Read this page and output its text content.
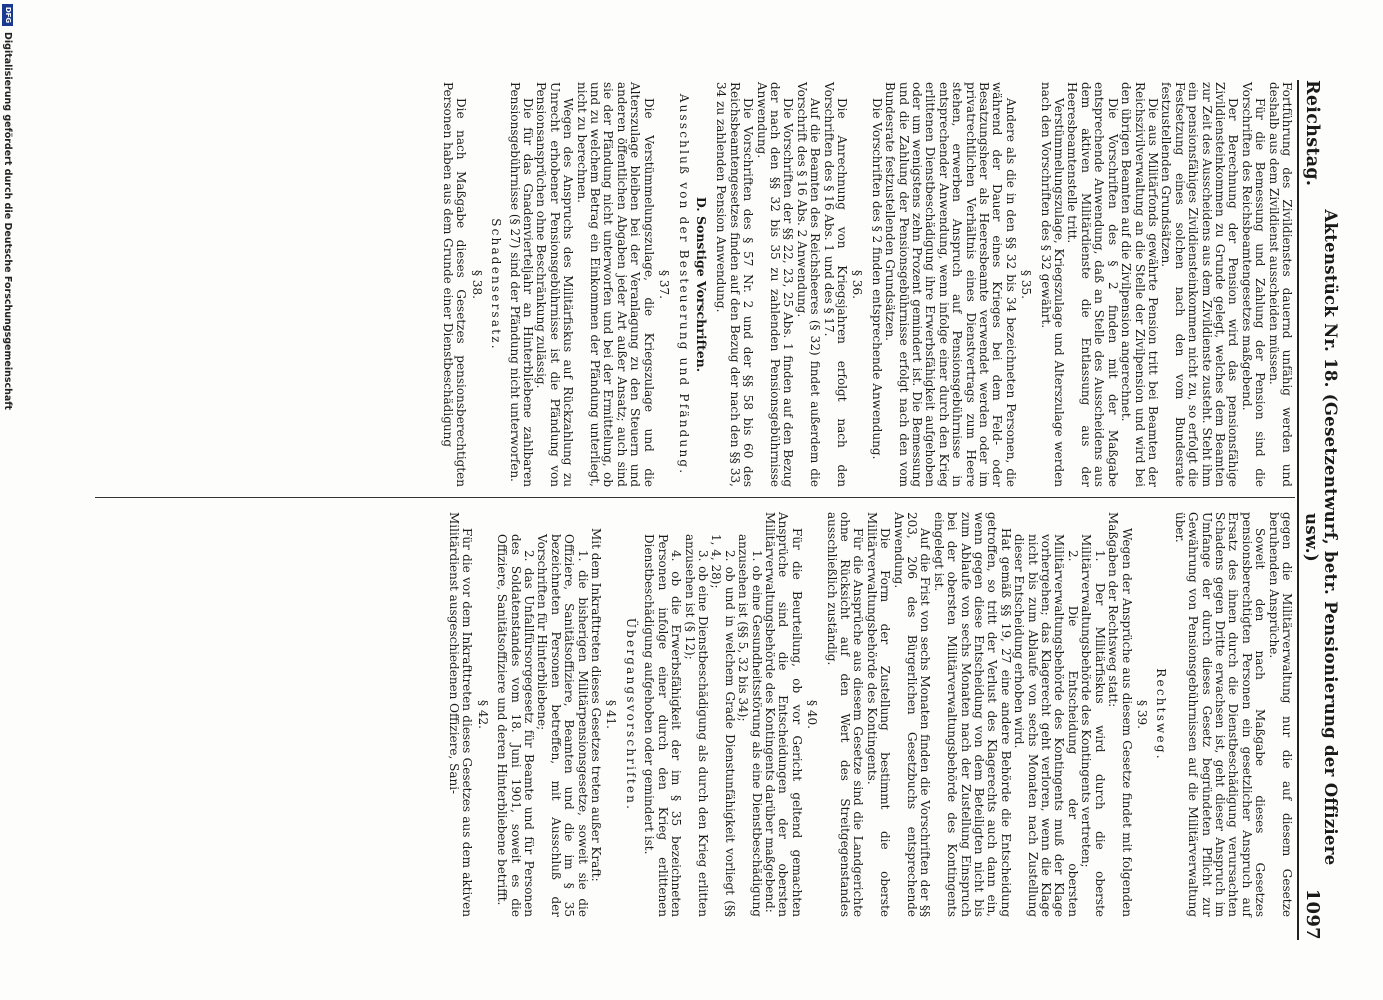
Reichstag.
Aktenstück Nr. 18. (Gesetzentwurf, betr. Pensionierung der Offiziere usw.)
1097

Fortführung des Zivildienstes dauernd unfähig werden und deshalb aus dem Zivildienst ausscheiden müssen.

Für die Bemessung und Zahlung der Pension sind die Vorschriften des Reichsbeamtengesetzes maßgebend.

Der Berechnung der Pension wird das pensionsfähige Zivildiensteinkommen zu Grunde gelegt, welches dem Beamten zur Zeit des Ausscheidens aus dem Zivildienste zusteht. Steht ihm ein pensionsfähiges Zivildiensteinkommen nicht zu, so erfolgt die Festsetzung eines solchen nach den vom Bundesrate festzustellenden Grundsätzen.

Die aus Militärfonds gewährte Pension tritt bei Beamten der Reichszivilverwaltung an die Stelle der Zivilpension und wird bei den übrigen Beamten auf die Zivilpension angerechnet.

Die Vorschriften des § 2 finden mit der Maßgabe entsprechende Anwendung, daß an Stelle des Ausscheidens aus dem aktiven Militärdienste die Entlassung aus der Heeresbeamtenstelle tritt.

Verstümmelungszulage, Kriegszulage und Alterszulage werden nach den Vorschriften des § 32 gewährt.

§ 35.

Andere als die in den §§ 32 bis 34 bezeichneten Personen, die während der Dauer eines Krieges bei dem Feld- oder Besatzungsheer als Heeresbeamte verwendet werden oder im privatrechtlichen Verhältnis eines Dienstvertrags zum Heere stehen, erwerben Anspruch auf Pensionsgebührnisse in entsprechender Anwendung, wenn infolge einer durch den Krieg erlittenen Dienstbeschädigung ihre Erwerbsfähigkeit aufgehoben oder um wenigstens zehn Prozent gemindert ist. Die Bemessung und die Zahlung der Pensionsgebührnisse erfolgt nach den vom Bundesrate festzustellenden Grundsätzen.

Die Vorschriften des § 2 finden entsprechende Anwendung.

§ 36.

Die Anrechnung von Kriegsjahren erfolgt nach den Vorschriften des § 16 Abs. 1 und des § 17.

Auf die Beamten des Reichsheeres (§ 32) findet außerdem die Vorschrift des § 16 Abs. 2 Anwendung.

Die Vorschriften der §§ 22, 23, 25 Abs. 1 finden auf den Bezug der nach den §§ 32 bis 35 zu zahlenden Pensionsgebührnisse Anwendung.

Die Vorschriften des § 57 Nr. 2 und der §§ 58 bis 60 des Reichsbeamtengesetzes finden auf den Bezug der nach den §§ 33, 34 zu zahlenden Pension Anwendung.

D. Sonstige Vorschriften.
Ausschluß von der Besteuerung und Pfändung.
§ 37.

Die Verstümmelungszulage, die Kriegszulage und die Alterszulage bleiben bei der Veranlagung zu den Steuern und anderen öffentlichen Abgaben jeder Art außer Ansatz; auch sind sie der Pfändung nicht unterworfen und bei der Ermittelung, ob und zu welchem Betrag ein Einkommen der Pfändung unterliegt, nicht zu berechnen.

Wegen des Anspruchs des Militärfiskus auf Rückzahlung zu Unrecht erhobener Pensionsgebührnisse ist die Pfändung von Pensionsansprüchen ohne Beschränkung zulässig.

Die für das Gnadenvierteljahr an Hinterbliebene zahlbaren Pensionsgebührnisse (§ 27) sind der Pfändung nicht unterworfen.

Schadensersatz.
§ 38.

Die nach Maßgabe dieses Gesetzes pensionsberechtigten Personen haben aus dem Grunde einer Dienstbeschädigung

gegen die Militärverwaltung nur die auf diesem Gesetze beruhenden Ansprüche.

Soweit den nach Maßgabe dieses Gesetzes pensionsberechtigten Personen ein gesetzlicher Anspruch auf Ersatz des ihnen durch die Dienstbeschädigung verursachten Schadens gegen Dritte erwachsen ist, geht dieser Anspruch im Umfange der durch dieses Gesetz begründeten Pflicht zur Gewährung von Pensionsgebührnissen auf die Militärverwaltung über.

Rechtsweg.
§ 39.

Wegen der Ansprüche aus diesem Gesetze findet mit folgenden Maßgaben der Rechtsweg statt:

1. Der Militärfiskus wird durch die oberste Militärverwaltungsbehörde des Kontingents vertreten;

2. Die Entscheidung der obersten Militärverwaltungsbehörde des Kontingents muß der Klage vorhergehen; das Klagerecht geht verloren, wenn die Klage nicht bis zum Ablaufe von sechs Monaten nach Zustellung dieser Entscheidung erhoben wird.

Hat gemäß §§ 19, 27 eine andere Behörde die Entscheidung getroffen, so tritt der Verlust des Klagerechts auch dann ein, wenn gegen diese Entscheidung von dem Beteiligten nicht bis zum Ablaufe von sechs Monaten nach der Zustellung Einspruch bei der obersten Militärverwaltungsbehörde des Kontingents eingelegt ist.

Auf die Frist von sechs Monaten finden die Vorschriften der §§ 203, 206 des Bürgerlichen Gesetzbuchs entsprechende Anwendung.

Die Form der Zustellung bestimmt die oberste Militärverwaltungsbehörde des Kontingents.

Für die Ansprüche aus diesem Gesetze sind die Landgerichte ohne Rücksicht auf den Wert des Streitgegenstandes ausschließlich zuständig.

§ 40.

Für die Beurteilung, ob vor Gericht geltend gemachten Ansprüche sind die Entscheidungen der obersten Militärverwaltungsbehörde des Kontingents darüber maßgebend:

1. ob eine Gesundheitsstörung als eine Dienstbeschädigung anzusehen ist (§§ 5, 32 bis 34);

2. ob und in welchem Grade Dienstunfähigkeit vorliegt (§§ 1, 4, 28);

3. ob eine Dienstbeschädigung als durch den Krieg erlitten anzusehen ist (§ 12);

4. ob die Erwerbsfähigkeit der im § 35 bezeichneten Personen infolge einer durch den Krieg erlittenen Dienstbeschädigung aufgehoben oder gemindert ist.

Übergangsvorschriften.
§ 41.

Mit dem Inkrafttreten dieses Gesetzes treten außer Kraft:

1. die bisherigen Militärpensionsgesetze, soweit sie die Offiziere, Sanitätsoffiziere, Beamten und die im § 35 bezeichneten Personen betreffen, mit Ausschluß der Vorschriften für Hinterbliebene;

2. das Unfallfürsorgegesetz für Beamte und für Personen des Soldatenstandes vom 18. Juni 1901, soweit es die Offiziere, Sanitätsoffiziere und deren Hinterbliebene betrifft.

§ 42.

Für die vor dem Inkrafttreten dieses Gesetzes aus dem aktiven Militärdienst ausgeschiedenen Offiziere, Sani-

DFG
Digitalisierung gefördert durch die Deutsche Forschungsgemeinschaft
